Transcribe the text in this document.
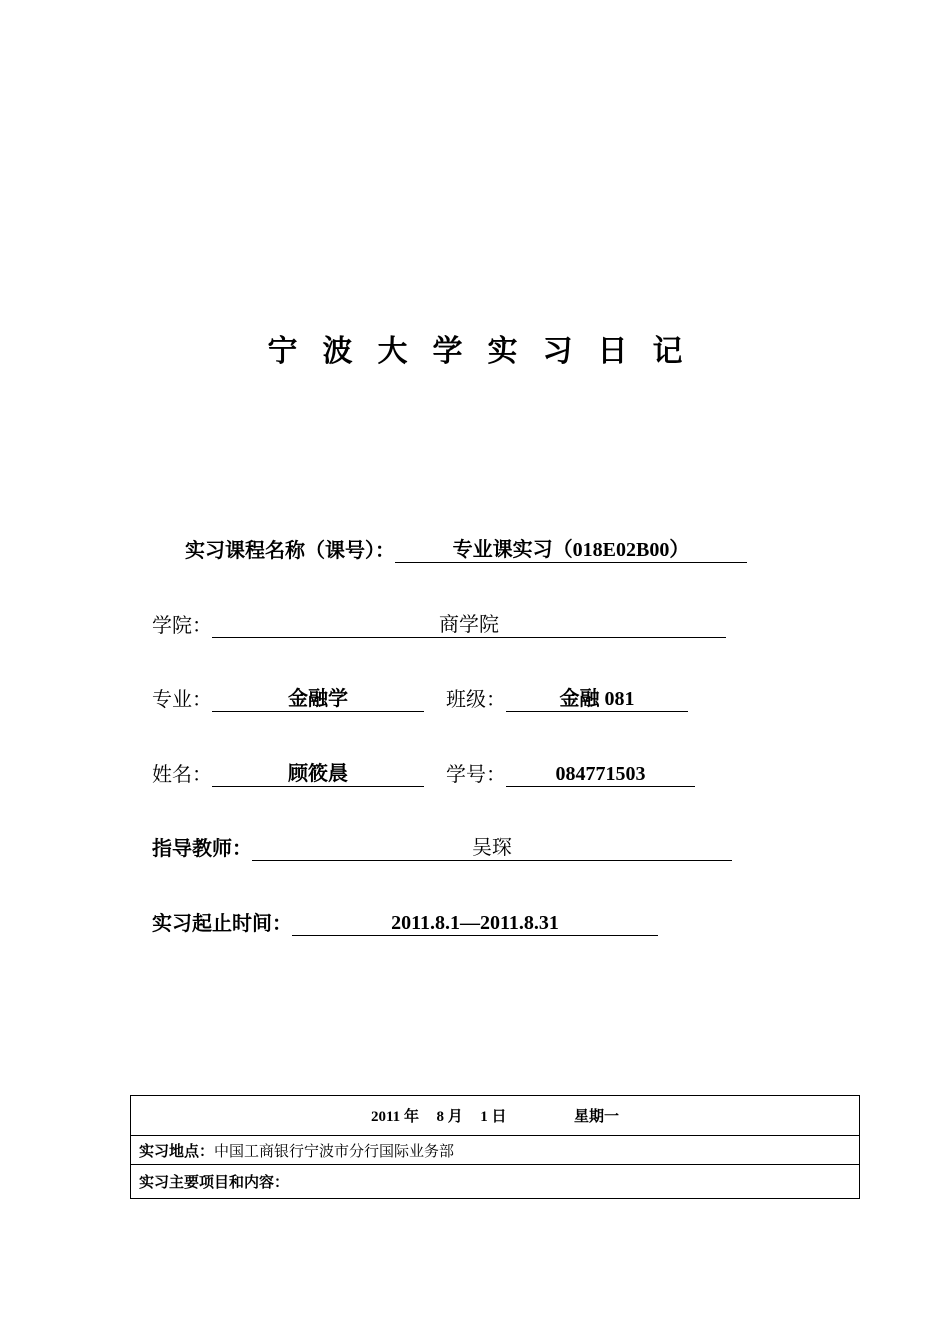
宁波大学实习日记
实习课程名称（课号）：	专业课实习（018E02B00）
学院：	商学院
专业：	金融学	班级：	金融 081
姓名：	顾筱晨	学号： 084771503
指导教师：	吴琛
实习起止时间：	2011.8.1—2011.8.31
2011 年 8 月 1 日	星期一
实习地点：中国工商银行宁波市分行国际业务部
实习主要项目和内容：
